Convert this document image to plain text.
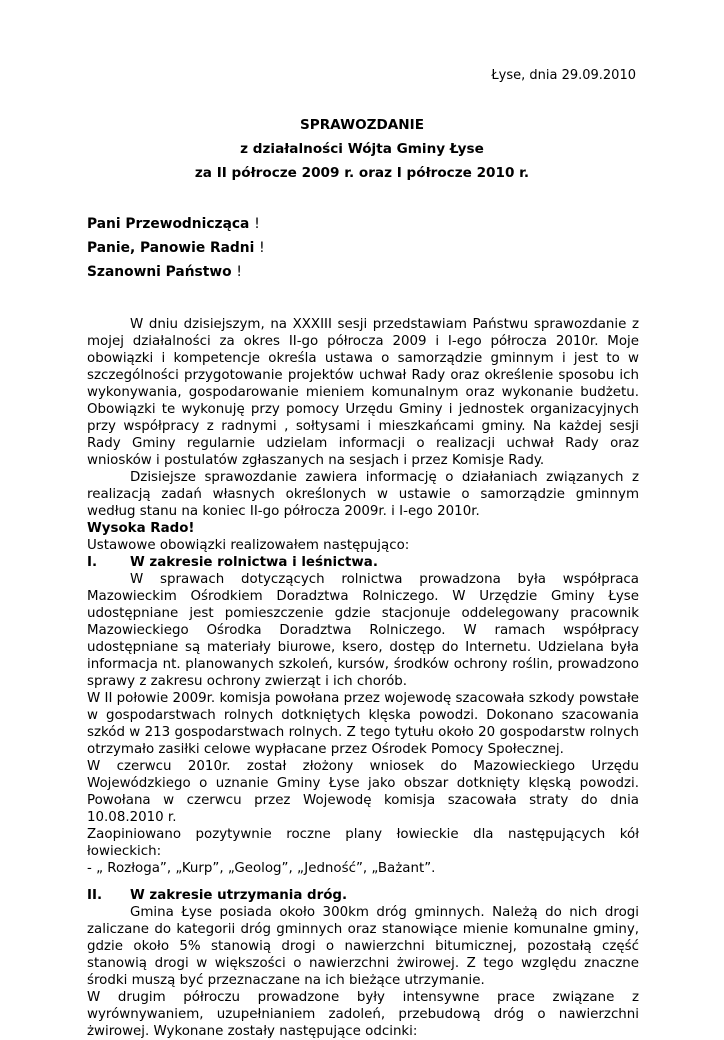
Łyse, dnia 29.09.2010
SPRAWOZDANIE
z działalności Wójta Gminy Łyse
za II półrocze 2009 r. oraz I półrocze 2010 r.
Pani Przewodnicząca !
Panie, Panowie Radni !
Szanowni Państwo !

W dniu dzisiejszym, na XXXIII sesji przedstawiam Państwu sprawozdanie z mojej działalności za okres II-go półrocza 2009 i I-ego półrocza 2010r. Moje obowiązki i kompetencje określa ustawa o samorządzie gminnym i jest to w szczególności przygotowanie projektów uchwał Rady oraz określenie sposobu ich wykonywania, gospodarowanie mieniem komunalnym oraz wykonanie budżetu. Obowiązki te wykonuję przy pomocy Urzędu Gminy i jednostek organizacyjnych przy współpracy z radnymi , sołtysami i mieszkańcami gminy. Na każdej sesji Rady Gminy regularnie udzielam informacji o realizacji uchwał Rady oraz wniosków i postulatów zgłaszanych na sesjach i przez Komisje Rady.

Dzisiejsze sprawozdanie zawiera informację o działaniach związanych z realizacją zadań własnych określonych w ustawie o samorządzie gminnym według stanu na koniec II-go półrocza 2009r. i I-ego 2010r.

Wysoka Rado!

Ustawowe obowiązki realizowałem następująco:

I.	W zakresie rolnictwa i leśnictwa.

W sprawach dotyczących rolnictwa prowadzona była współpraca Mazowieckim Ośrodkiem Doradztwa Rolniczego. W Urzędzie Gminy Łyse udostępniane jest pomieszczenie gdzie stacjonuje oddelegowany pracownik Mazowieckiego Ośrodka Doradztwa Rolniczego. W ramach współpracy udostępniane są materiały biurowe, ksero, dostęp do Internetu. Udzielana była informacja nt. planowanych szkoleń, kursów, środków ochrony roślin, prowadzono sprawy z zakresu ochrony zwierząt i ich chorób.

W II połowie 2009r. komisja powołana przez wojewodę szacowała szkody powstałe w gospodarstwach rolnych dotkniętych klęska powodzi. Dokonano szacowania szkód w 213 gospodarstwach rolnych. Z tego tytułu około 20 gospodarstw rolnych otrzymało zasiłki celowe wypłacane przez Ośrodek Pomocy Społecznej.

W czerwcu 2010r. został złożony wniosek do Mazowieckiego Urzędu Wojewódzkiego o uznanie Gminy Łyse jako obszar dotknięty klęską powodzi. Powołana w czerwcu przez Wojewodę komisja szacowała straty do dnia 10.08.2010 r.

Zaopiniowano pozytywnie roczne plany łowieckie dla następujących kół łowieckich:

- „ Rozłoga”, „Kurp”, „Geolog”, „Jedność”, „Bażant”.

II.	W zakresie utrzymania dróg.

Gmina Łyse posiada około 300km dróg gminnych. Należą do nich drogi zaliczane do kategorii dróg gminnych oraz stanowiące mienie komunalne gminy, gdzie około 5% stanowią drogi o nawierzchni bitumicznej, pozostałą część stanowią drogi w większości o nawierzchni żwirowej. Z tego względu znaczne środki muszą być przeznaczane na ich bieżące utrzymanie.

W drugim półroczu prowadzone były intensywne prace związane z wyrównywaniem, uzupełnianiem zadoleń, przebudową dróg o nawierzchni żwirowej. Wykonane zostały następujące odcinki:
